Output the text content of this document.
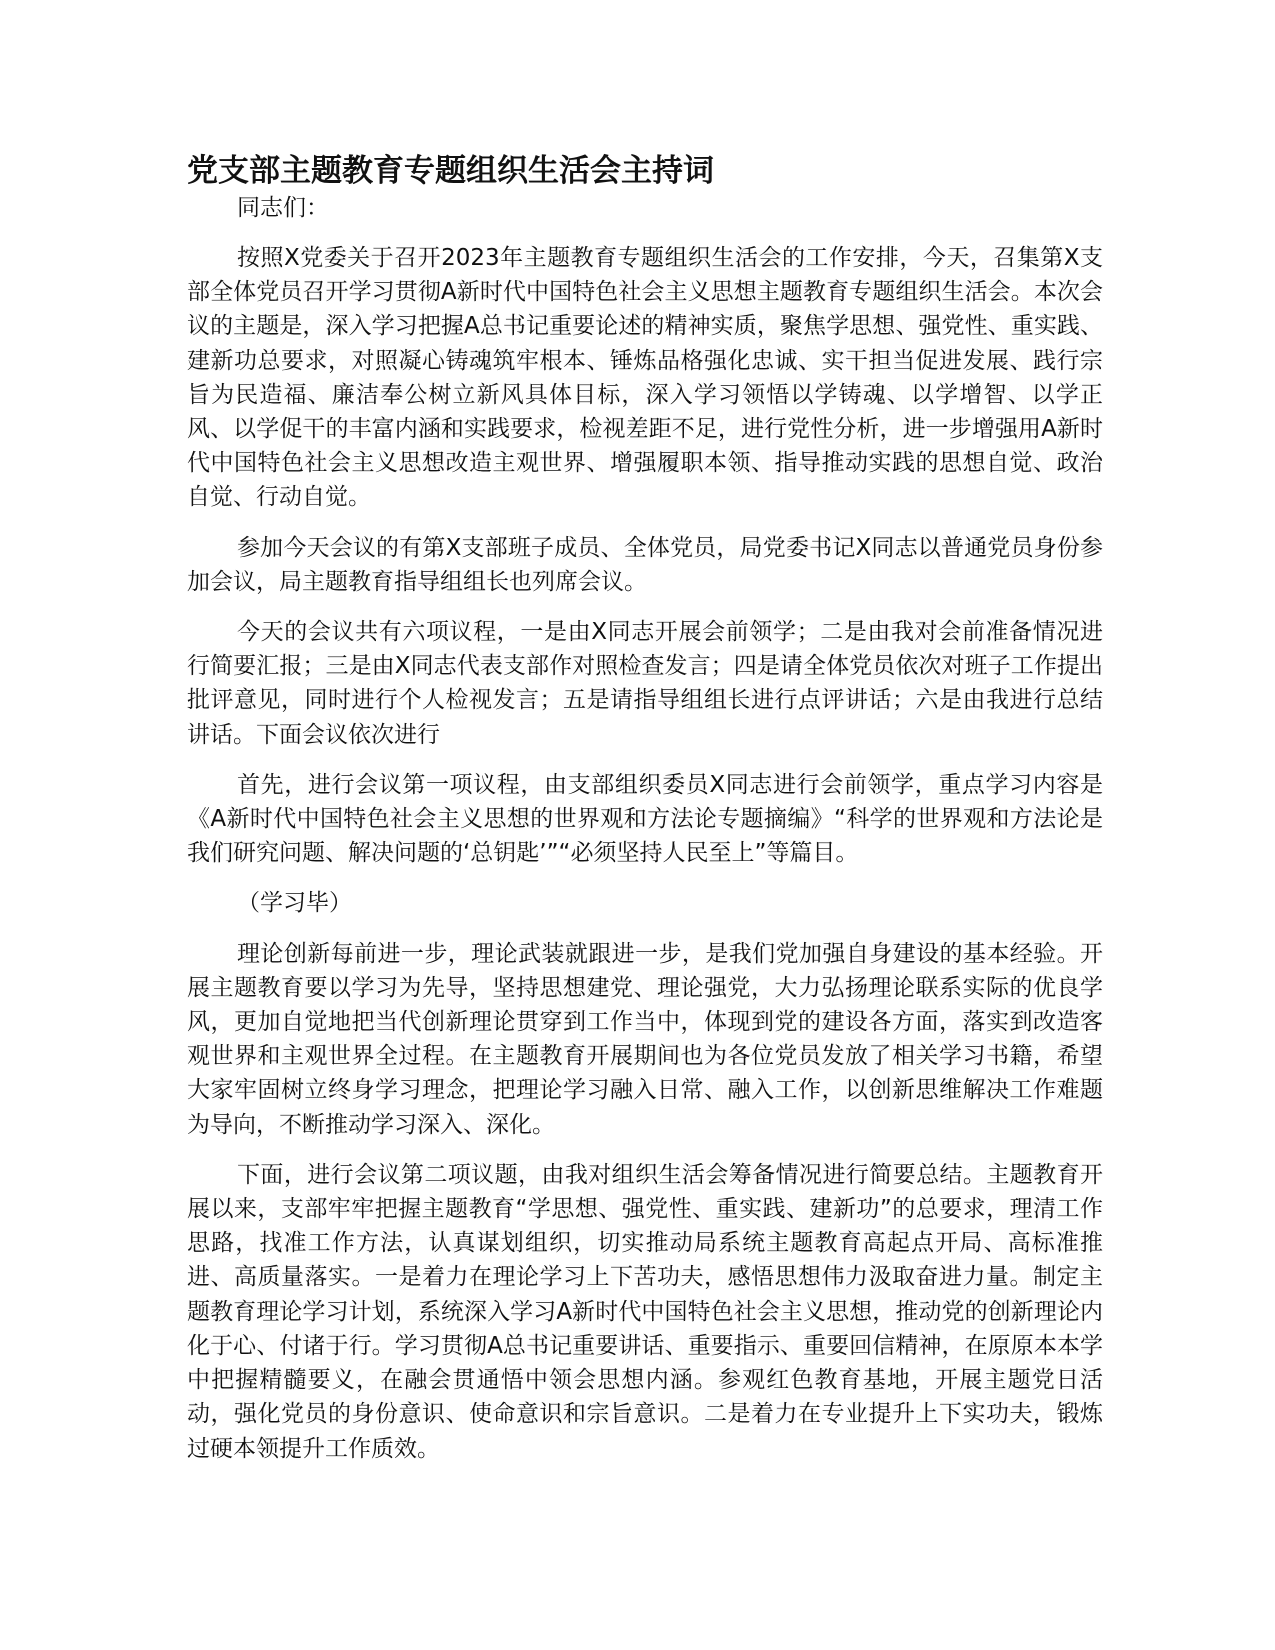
党支部主题教育专题组织生活会主持词

同志们：

按照X党委关于召开2023年主题教育专题组织生活会的工作安排，今天，召集第X支部全体党员召开学习贯彻A新时代中国特色社会主义思想主题教育专题组织生活会。本次会议的主题是，深入学习把握A总书记重要论述的精神实质，聚焦学思想、强党性、重实践、建新功总要求，对照凝心铸魂筑牢根本、锤炼品格强化忠诚、实干担当促进发展、践行宗旨为民造福、廉洁奉公树立新风具体目标，深入学习领悟以学铸魂、以学增智、以学正风、以学促干的丰富内涵和实践要求，检视差距不足，进行党性分析，进一步增强用A新时代中国特色社会主义思想改造主观世界、增强履职本领、指导推动实践的思想自觉、政治自觉、行动自觉。

参加今天会议的有第X支部班子成员、全体党员，局党委书记X同志以普通党员身份参加会议，局主题教育指导组组长也列席会议。

今天的会议共有六项议程，一是由X同志开展会前领学；二是由我对会前准备情况进行简要汇报；三是由X同志代表支部作对照检查发言；四是请全体党员依次对班子工作提出批评意见，同时进行个人检视发言；五是请指导组组长进行点评讲话；六是由我进行总结讲话。下面会议依次进行

首先，进行会议第一项议程，由支部组织委员X同志进行会前领学，重点学习内容是《A新时代中国特色社会主义思想的世界观和方法论专题摘编》“科学的世界观和方法论是我们研究问题、解决问题的‘总钥匙’”“必须坚持人民至上”等篇目。

（学习毕）

理论创新每前进一步，理论武装就跟进一步，是我们党加强自身建设的基本经验。开展主题教育要以学习为先导，坚持思想建党、理论强党，大力弘扬理论联系实际的优良学风，更加自觉地把当代创新理论贯穿到工作当中，体现到党的建设各方面，落实到改造客观世界和主观世界全过程。在主题教育开展期间也为各位党员发放了相关学习书籍，希望大家牢固树立终身学习理念，把理论学习融入日常、融入工作，以创新思维解决工作难题为导向，不断推动学习深入、深化。

下面，进行会议第二项议题，由我对组织生活会筹备情况进行简要总结。主题教育开展以来，支部牢牢把握主题教育“学思想、强党性、重实践、建新功”的总要求，理清工作思路，找准工作方法，认真谋划组织，切实推动局系统主题教育高起点开局、高标准推进、高质量落实。一是着力在理论学习上下苦功夫，感悟思想伟力汲取奋进力量。制定主题教育理论学习计划，系统深入学习A新时代中国特色社会主义思想，推动党的创新理论内化于心、付诸于行。学习贯彻A总书记重要讲话、重要指示、重要回信精神，在原原本本学中把握精髓要义，在融会贯通悟中领会思想内涵。参观红色教育基地，开展主题党日活动，强化党员的身份意识、使命意识和宗旨意识。二是着力在专业提升上下实功夫，锻炼过硬本领提升工作质效。
